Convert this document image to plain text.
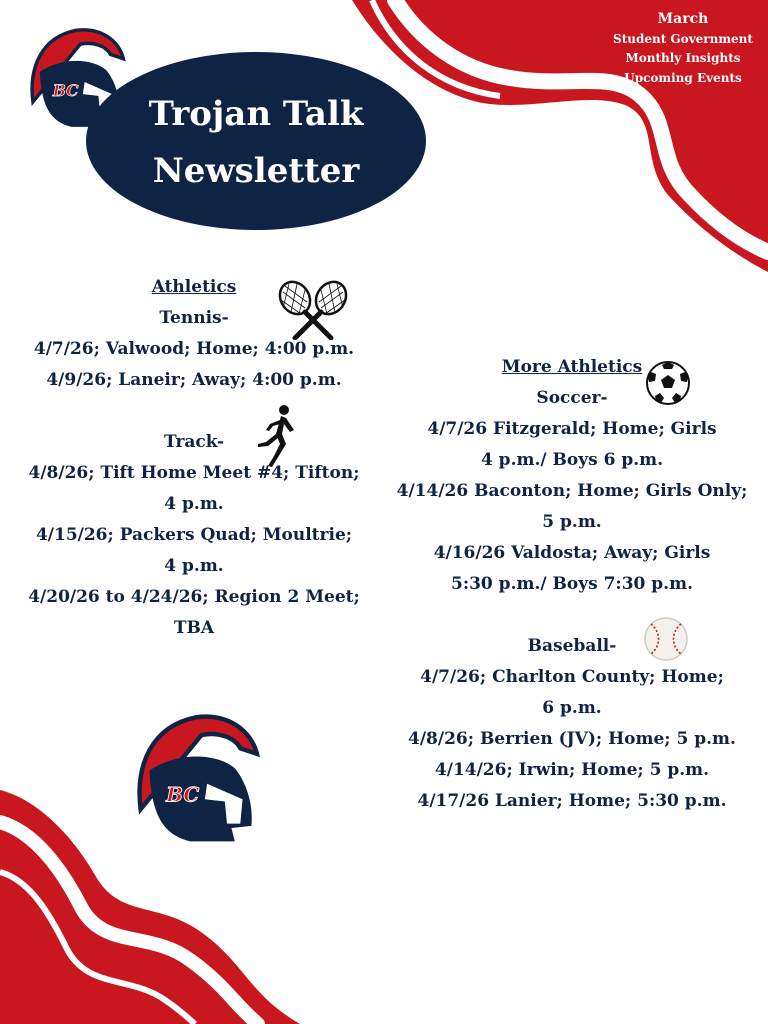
BC
Trojan Talk
Newsletter
March
Student Government
Monthly Insights
Upcoming Events
Athletics
Tennis-
4/7/26; Valwood; Home; 4:00 p.m.
4/9/26; Laneir; Away; 4:00 p.m.
Track-
4/8/26; Tift Home Meet #4; Tifton;
4 p.m.
4/15/26; Packers Quad; Moultrie;
4 p.m.
4/20/26 to 4/24/26; Region 2 Meet;
TBA
More Athletics
Soccer-
4/7/26 Fitzgerald; Home; Girls
4 p.m./ Boys 6 p.m.
4/14/26 Baconton; Home; Girls Only;
5 p.m.
4/16/26 Valdosta; Away; Girls
5:30 p.m./ Boys 7:30 p.m.
Baseball-
4/7/26; Charlton County; Home;
6 p.m.
4/8/26; Berrien (JV); Home; 5 p.m.
4/14/26; Irwin; Home; 5 p.m.
4/17/26 Lanier; Home; 5:30 p.m.
BC
